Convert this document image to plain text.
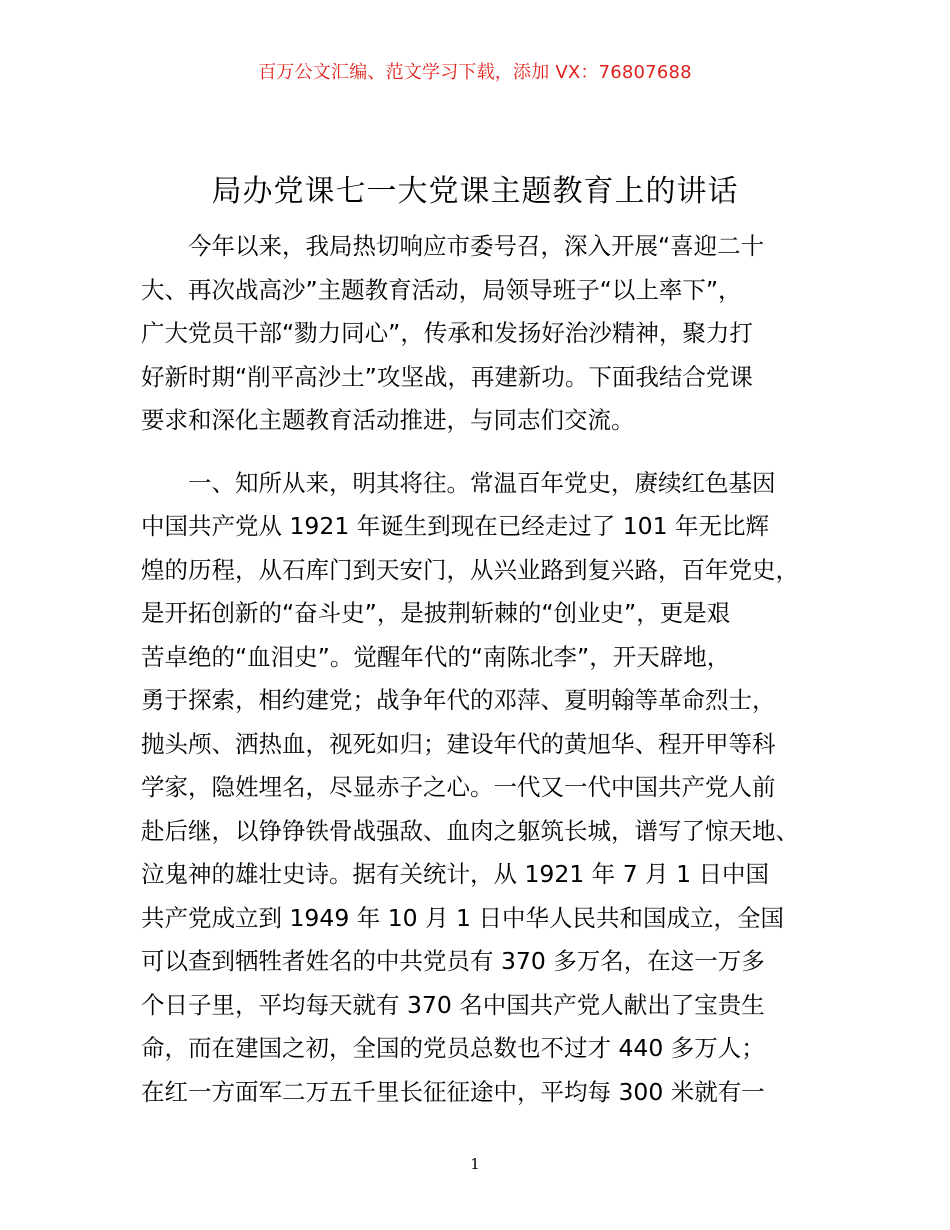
百万公文汇编、范文学习下载，添加 VX：76807688
局办党课七一大党课主题教育上的讲话
　　今年以来，我局热切响应市委号召，深入开展“喜迎二十
大、再次战高沙”主题教育活动，局领导班子“以上率下”，
广大党员干部“勠力同心”，传承和发扬好治沙精神，聚力打
好新时期“削平高沙土”攻坚战，再建新功。下面我结合党课
要求和深化主题教育活动推进，与同志们交流。
　　一、知所从来，明其将往。常温百年党史，赓续红色基因
中国共产党从 1921 年诞生到现在已经走过了 101 年无比辉
煌的历程，从石库门到天安门，从兴业路到复兴路，百年党史，
是开拓创新的“奋斗史”，是披荆斩棘的“创业史”，更是艰
苦卓绝的“血泪史”。觉醒年代的“南陈北李”，开天辟地，
勇于探索，相约建党；战争年代的邓萍、夏明翰等革命烈士，
抛头颅、洒热血，视死如归；建设年代的黄旭华、程开甲等科
学家，隐姓埋名，尽显赤子之心。一代又一代中国共产党人前
赴后继，以铮铮铁骨战强敌、血肉之躯筑长城，谱写了惊天地、
泣鬼神的雄壮史诗。据有关统计，从 1921 年 7 月 1 日中国
共产党成立到 1949 年 10 月 1 日中华人民共和国成立，全国
可以查到牺牲者姓名的中共党员有 370 多万名，在这一万多
个日子里，平均每天就有 370 名中国共产党人献出了宝贵生
命，而在建国之初，全国的党员总数也不过才 440 多万人；
在红一方面军二万五千里长征征途中，平均每 300 米就有一
1
